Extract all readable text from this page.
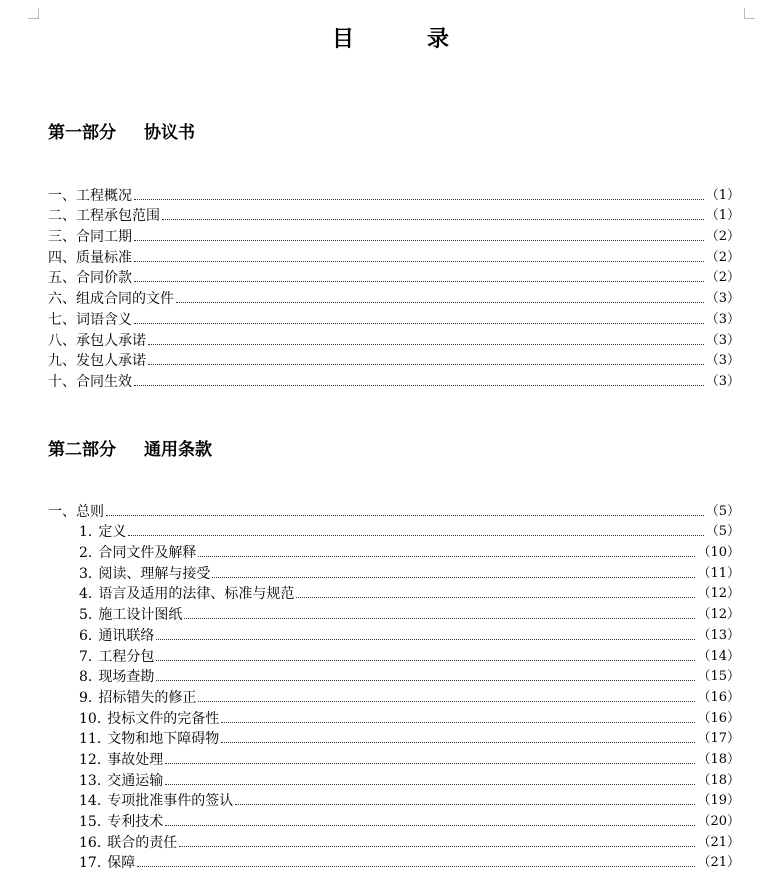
目	录
第一部分 协议书
一、工程概况	（1）
二、工程承包范围	（1）
三、合同工期	（2）
四、质量标准	（2）
五、合同价款	（2）
六、组成合同的文件	（3）
七、词语含义	（3）
八、承包人承诺	（3）
九、发包人承诺	（3）
十、合同生效	（3）
第二部分 通用条款
一、总则	（5）
1. 定义	（5）
2. 合同文件及解释	（10）
3. 阅读、理解与接受	（11）
4. 语言及适用的法律、标准与规范	（12）
5. 施工设计图纸	（12）
6. 通讯联络	（13）
7. 工程分包	（14）
8. 现场查勘	（15）
9. 招标错失的修正	（16）
10. 投标文件的完备性	（16）
11. 文物和地下障碍物	（17）
12. 事故处理	（18）
13. 交通运输	（18）
14. 专项批准事件的签认	（19）
15. 专利技术	（20）
16. 联合的责任	（21）
17. 保障	（21）
